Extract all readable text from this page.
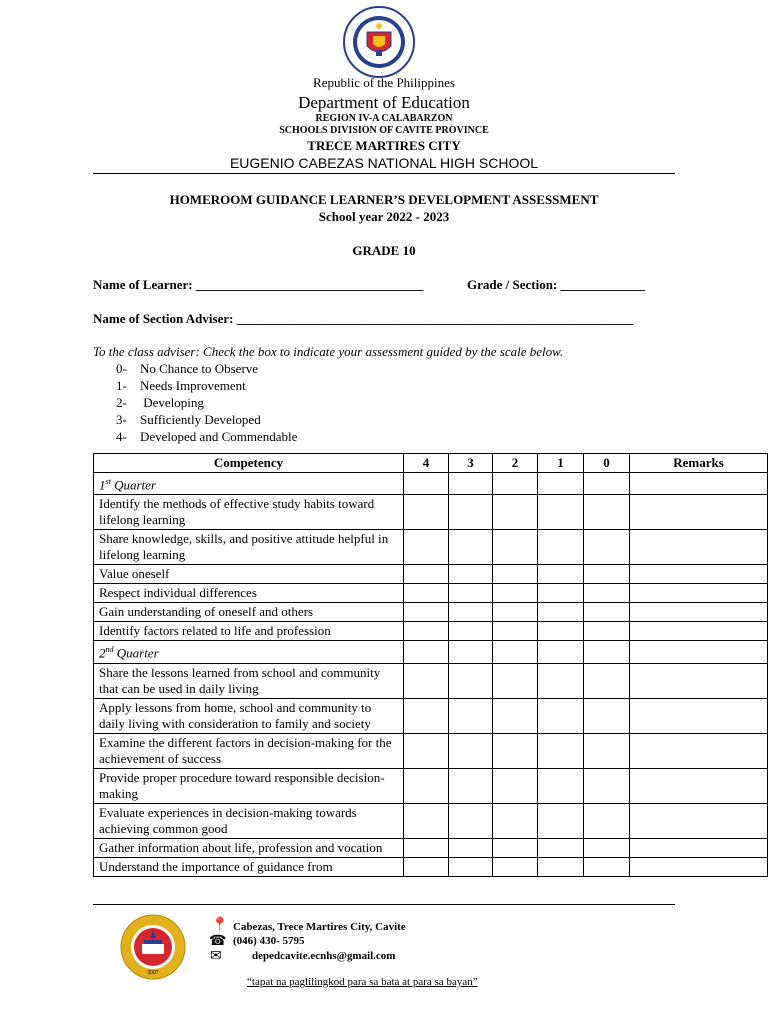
Republic of the Philippines
Department of Education
REGION IV-A CALABARZON
SCHOOLS DIVISION OF CAVITE PROVINCE
TRECE MARTIRES CITY
EUGENIO CABEZAS NATIONAL HIGH SCHOOL
HOMEROOM GUIDANCE LEARNER’S DEVELOPMENT ASSESSMENT
School year 2022 - 2023
GRADE 10
Name of Learner: ___________________________________	Grade / Section: _____________
Name of Section Adviser: _____________________________________________________________
To the class adviser: Check the box to indicate your assessment guided by the scale below.
0- No Chance to Observe
1- Needs Improvement
2- Developing
3- Sufficiently Developed
4- Developed and Commendable
Competency	4	3	2	1	0	Remarks
1st Quarter						
Identify the methods of effective study habits toward lifelong learning						
Share knowledge, skills, and positive attitude helpful in lifelong learning						
Value oneself						
Respect individual differences						
Gain understanding of oneself and others						
Identify factors related to life and profession						
2nd Quarter						
Share the lessons learned from school and community that can be used in daily living						
Apply lessons from home, school and community to daily living with consideration to family and society						
Examine the different factors in decision-making for the achievement of success						
Provide proper procedure toward responsible decision-making						
Evaluate experiences in decision-making towards achieving common good						
Gather information about life, profession and vocation						
Understand the importance of guidance from						
2007
📍 Cabezas, Trece Martires City, Cavite
☎ (046) 430- 5795
✉	depedcavite.ecnhs@gmail.com
“tapat na paglilingkod para sa bata at para sa bayan”
